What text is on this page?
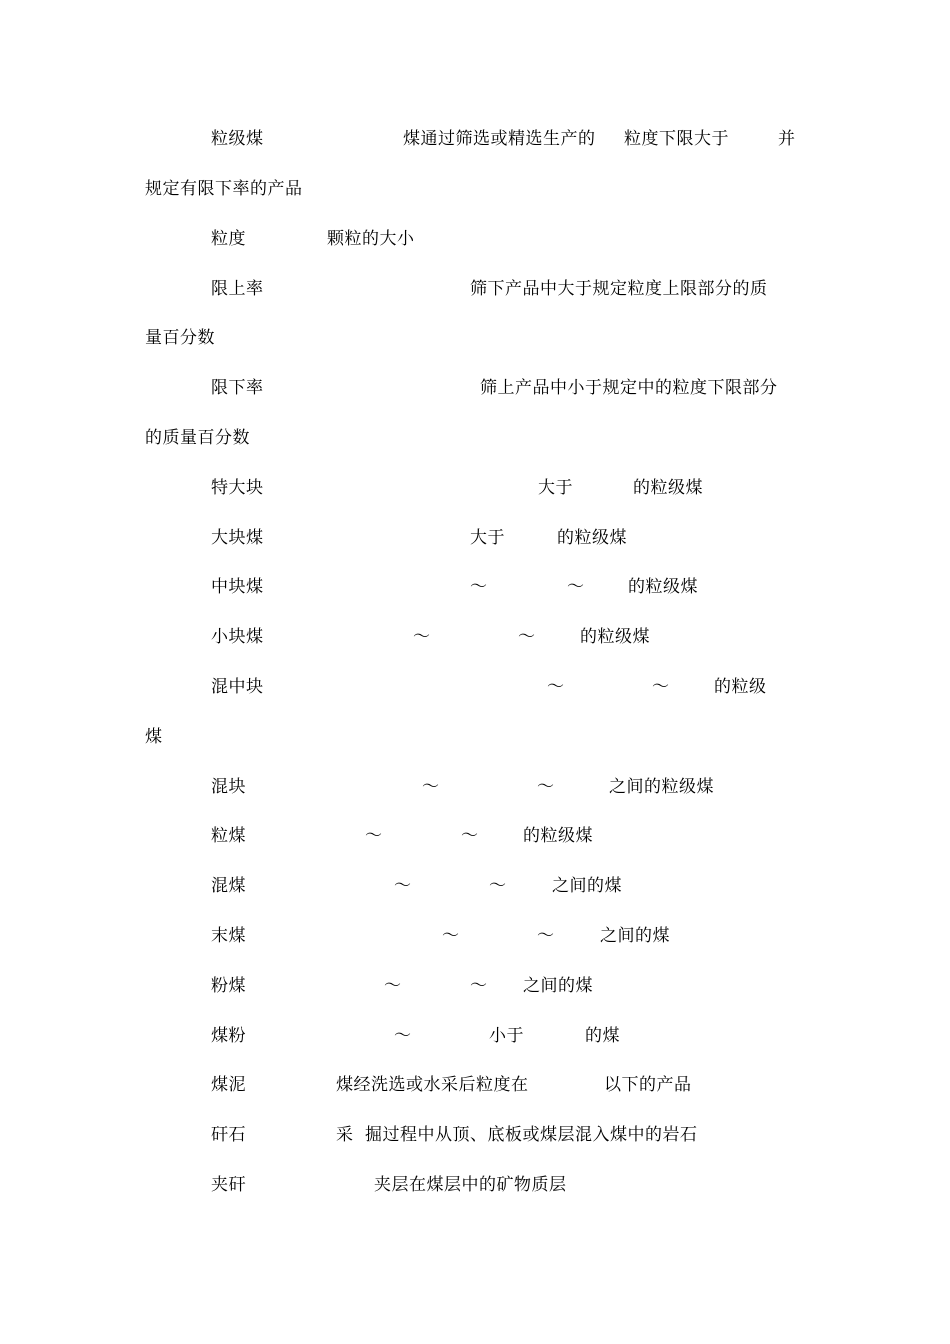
粒级煤	煤通过筛选或精选生产的 粒度下限大于	并
规定有限下率的产品
粒度	颗粒的大小
限上率	筛下产品中大于规定粒度上限部分的质
量百分数
限下率	筛上产品中小于规定中的粒度下限部分
的质量百分数
特大块	大于	的粒级煤
大块煤	大于	的粒级煤
中块煤	～	～	的粒级煤
小块煤	～	～	的粒级煤
混中块	～	～	的粒级
煤
混块	～	～	之间的粒级煤
粒煤	～	～	的粒级煤
混煤	～	～	之间的煤
末煤	～	～	之间的煤
粉煤	～	～ 之间的煤
煤粉	～	小于	的煤
煤泥	煤经洗选或水采后粒度在	以下的产品
矸石	采 掘过程中从顶、底板或煤层混入煤中的岩石
夹矸	夹层在煤层中的矿物质层
